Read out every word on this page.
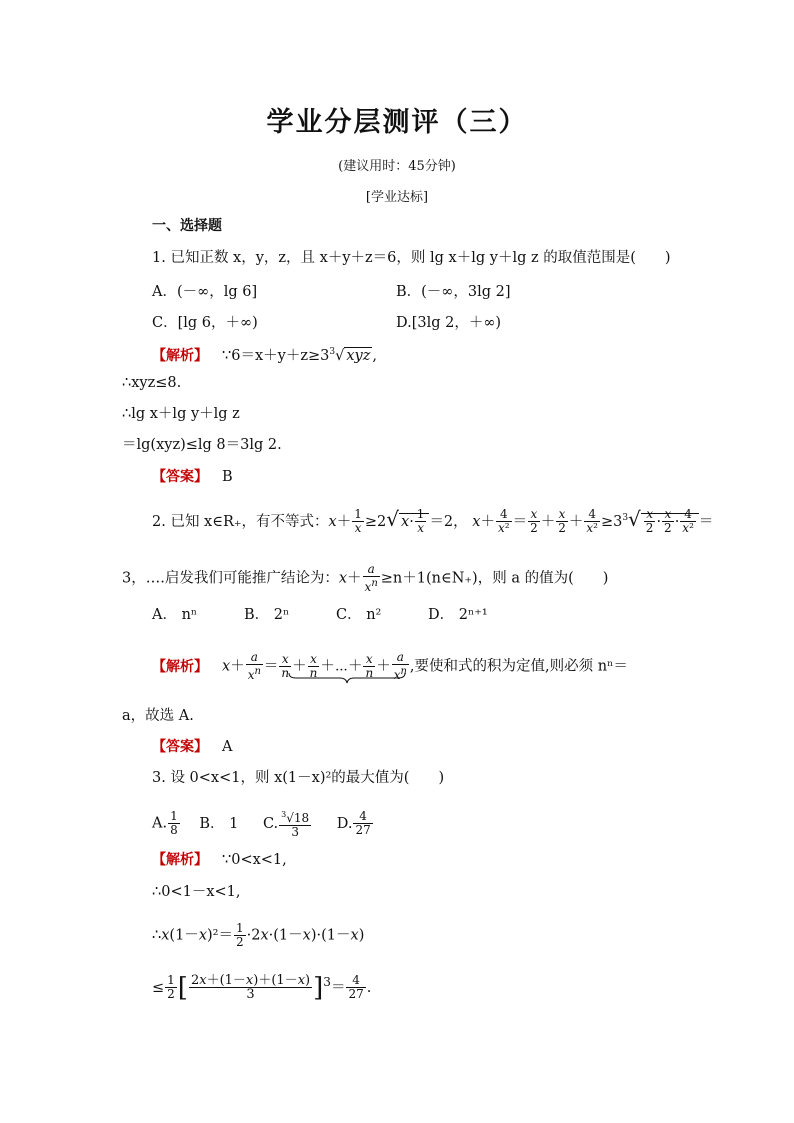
学业分层测评（三）
(建议用时：45分钟)
[学业达标]
一、选择题
1. 已知正数 x，y，z，且 x＋y＋z＝6，则 lg x＋lg y＋lg z 的取值范围是(　　)
A．(－∞，lg 6]	B．(－∞，3lg 2]
C．[lg 6，＋∞)	D.[3lg 2，＋∞)
【解析】 $\because 6=x+y+z\ge 3^3√$ xyz ,
∴xyz≤8.
∴lg x＋lg y＋lg z
＝lg(xyz)≤lg 8＝3lg 2.
【答案】 B
2. 已知 x∈R₊，有不等式：$x+ \frac{1}{x} \ge 2√$ $x\cdot \frac{1}{x} =2$， $x+ \frac{4}{\text{x²}} = \frac{x}{2} + \frac{x}{2} + \frac{4}{\text{x²}} \ge 3^3√ \frac{x}{2} \cdot \frac{x}{2} \cdot \frac{4}{\text{x²}}$ ＝
3，….启发我们可能推广结论为：$x+ \frac{a}{x^n}$ ≥n＋1(n∈N₊)，则 a 的值为(　　)
A． nⁿ	B． 2ⁿ	C． n²	D． 2ⁿ⁺¹
【解析】 $x+ \frac{a}{x^n} = \frac{x}{n} + \frac{x}{n}$ ＋⋯＋ $\frac{x}{n} + \frac{a}{x^n}$ ,要使和式的积为定值,则必须 nⁿ＝
a，故选 A.
【答案】 A
3. 设 0<x<1，则 x(1－x)²的最大值为(　　)
A. $\frac{1}{8}$ B． 1 C. $\frac{^3√18}{3} D$. $\frac{4}{27}$
【解析】 ∵0<x<1,
∴0<1－x<1,
∴x(1－x)²＝ $\frac{1}{2} \cdot 2x\cdot(1-x)\cdot(1-x)$
≤ $\frac{1}{2}$ [ $\frac{2x+(1-x)+(1-x)}{3} ]^3= \frac{4}{27}$ .
